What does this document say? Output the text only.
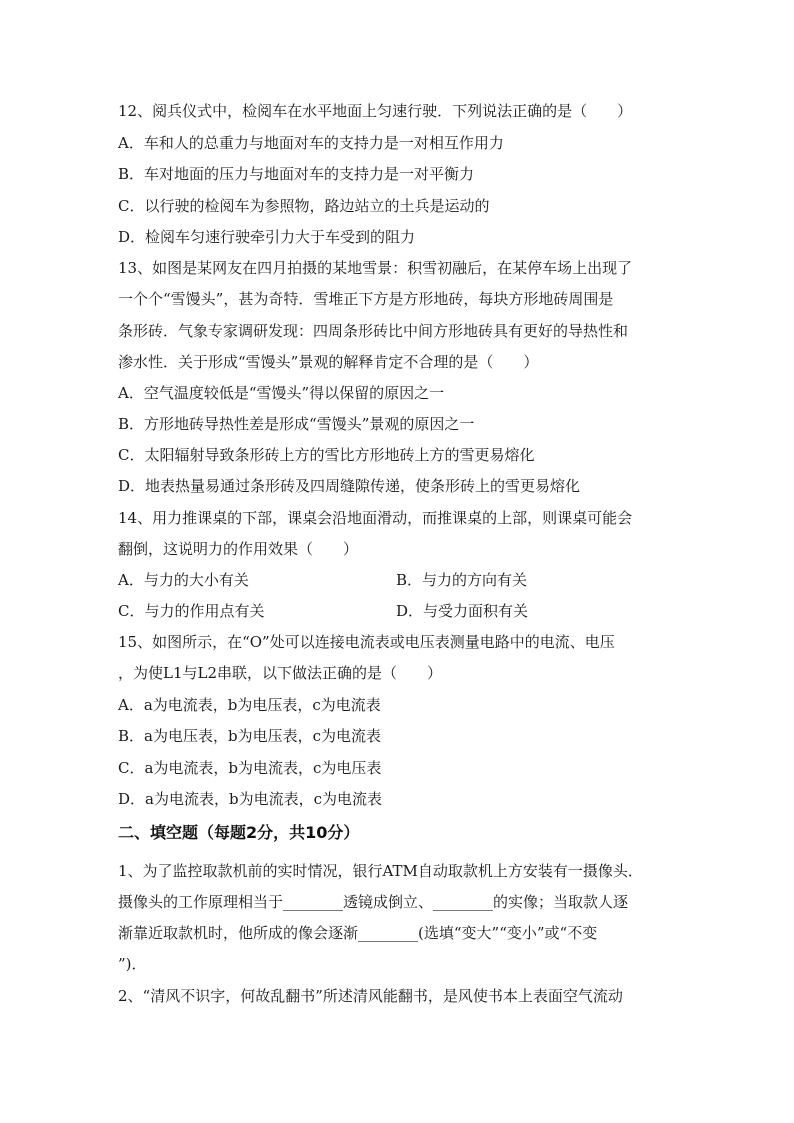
12、阅兵仪式中，检阅车在水平地面上匀速行驶．下列说法正确的是（　　）
A．车和人的总重力与地面对车的支持力是一对相互作用力
B．车对地面的压力与地面对车的支持力是一对平衡力
C．以行驶的检阅车为参照物，路边站立的土兵是运动的
D．检阅车匀速行驶牵引力大于车受到的阻力
13、如图是某网友在四月拍摄的某地雪景：积雪初融后，在某停车场上出现了
一个个“雪馒头”，甚为奇特．雪堆正下方是方形地砖，每块方形地砖周围是
条形砖．气象专家调研发现：四周条形砖比中间方形地砖具有更好的导热性和
渗水性．关于形成“雪馒头”景观的解释肯定不合理的是（　　）
A．空气温度较低是“雪馒头”得以保留的原因之一
B．方形地砖导热性差是形成“雪馒头”景观的原因之一
C．太阳辐射导致条形砖上方的雪比方形地砖上方的雪更易熔化
D．地表热量易通过条形砖及四周缝隙传递，使条形砖上的雪更易熔化
14、用力推课桌的下部，课桌会沿地面滑动，而推课桌的上部，则课桌可能会
翻倒，这说明力的作用效果（　　）
A．与力的大小有关	B．与力的方向有关
C．与力的作用点有关	D．与受力面积有关
15、如图所示，在“O”处可以连接电流表或电压表测量电路中的电流、电压
，为使L1与L2串联，以下做法正确的是（　　）
A．a为电流表，b为电压表，c为电流表
B．a为电压表，b为电压表，c为电流表
C．a为电流表，b为电流表，c为电压表
D．a为电流表，b为电流表，c为电流表
二、填空题（每题2分，共10分）
1、为了监控取款机前的实时情况，银行ATM自动取款机上方安装有一摄像头．
摄像头的工作原理相当于________透镜成倒立、________的实像；当取款人逐
渐靠近取款机时，他所成的像会逐渐________(选填“变大”“变小”或“不变
”)．
2、“清风不识字，何故乱翻书”所述清风能翻书，是风使书本上表面空气流动
